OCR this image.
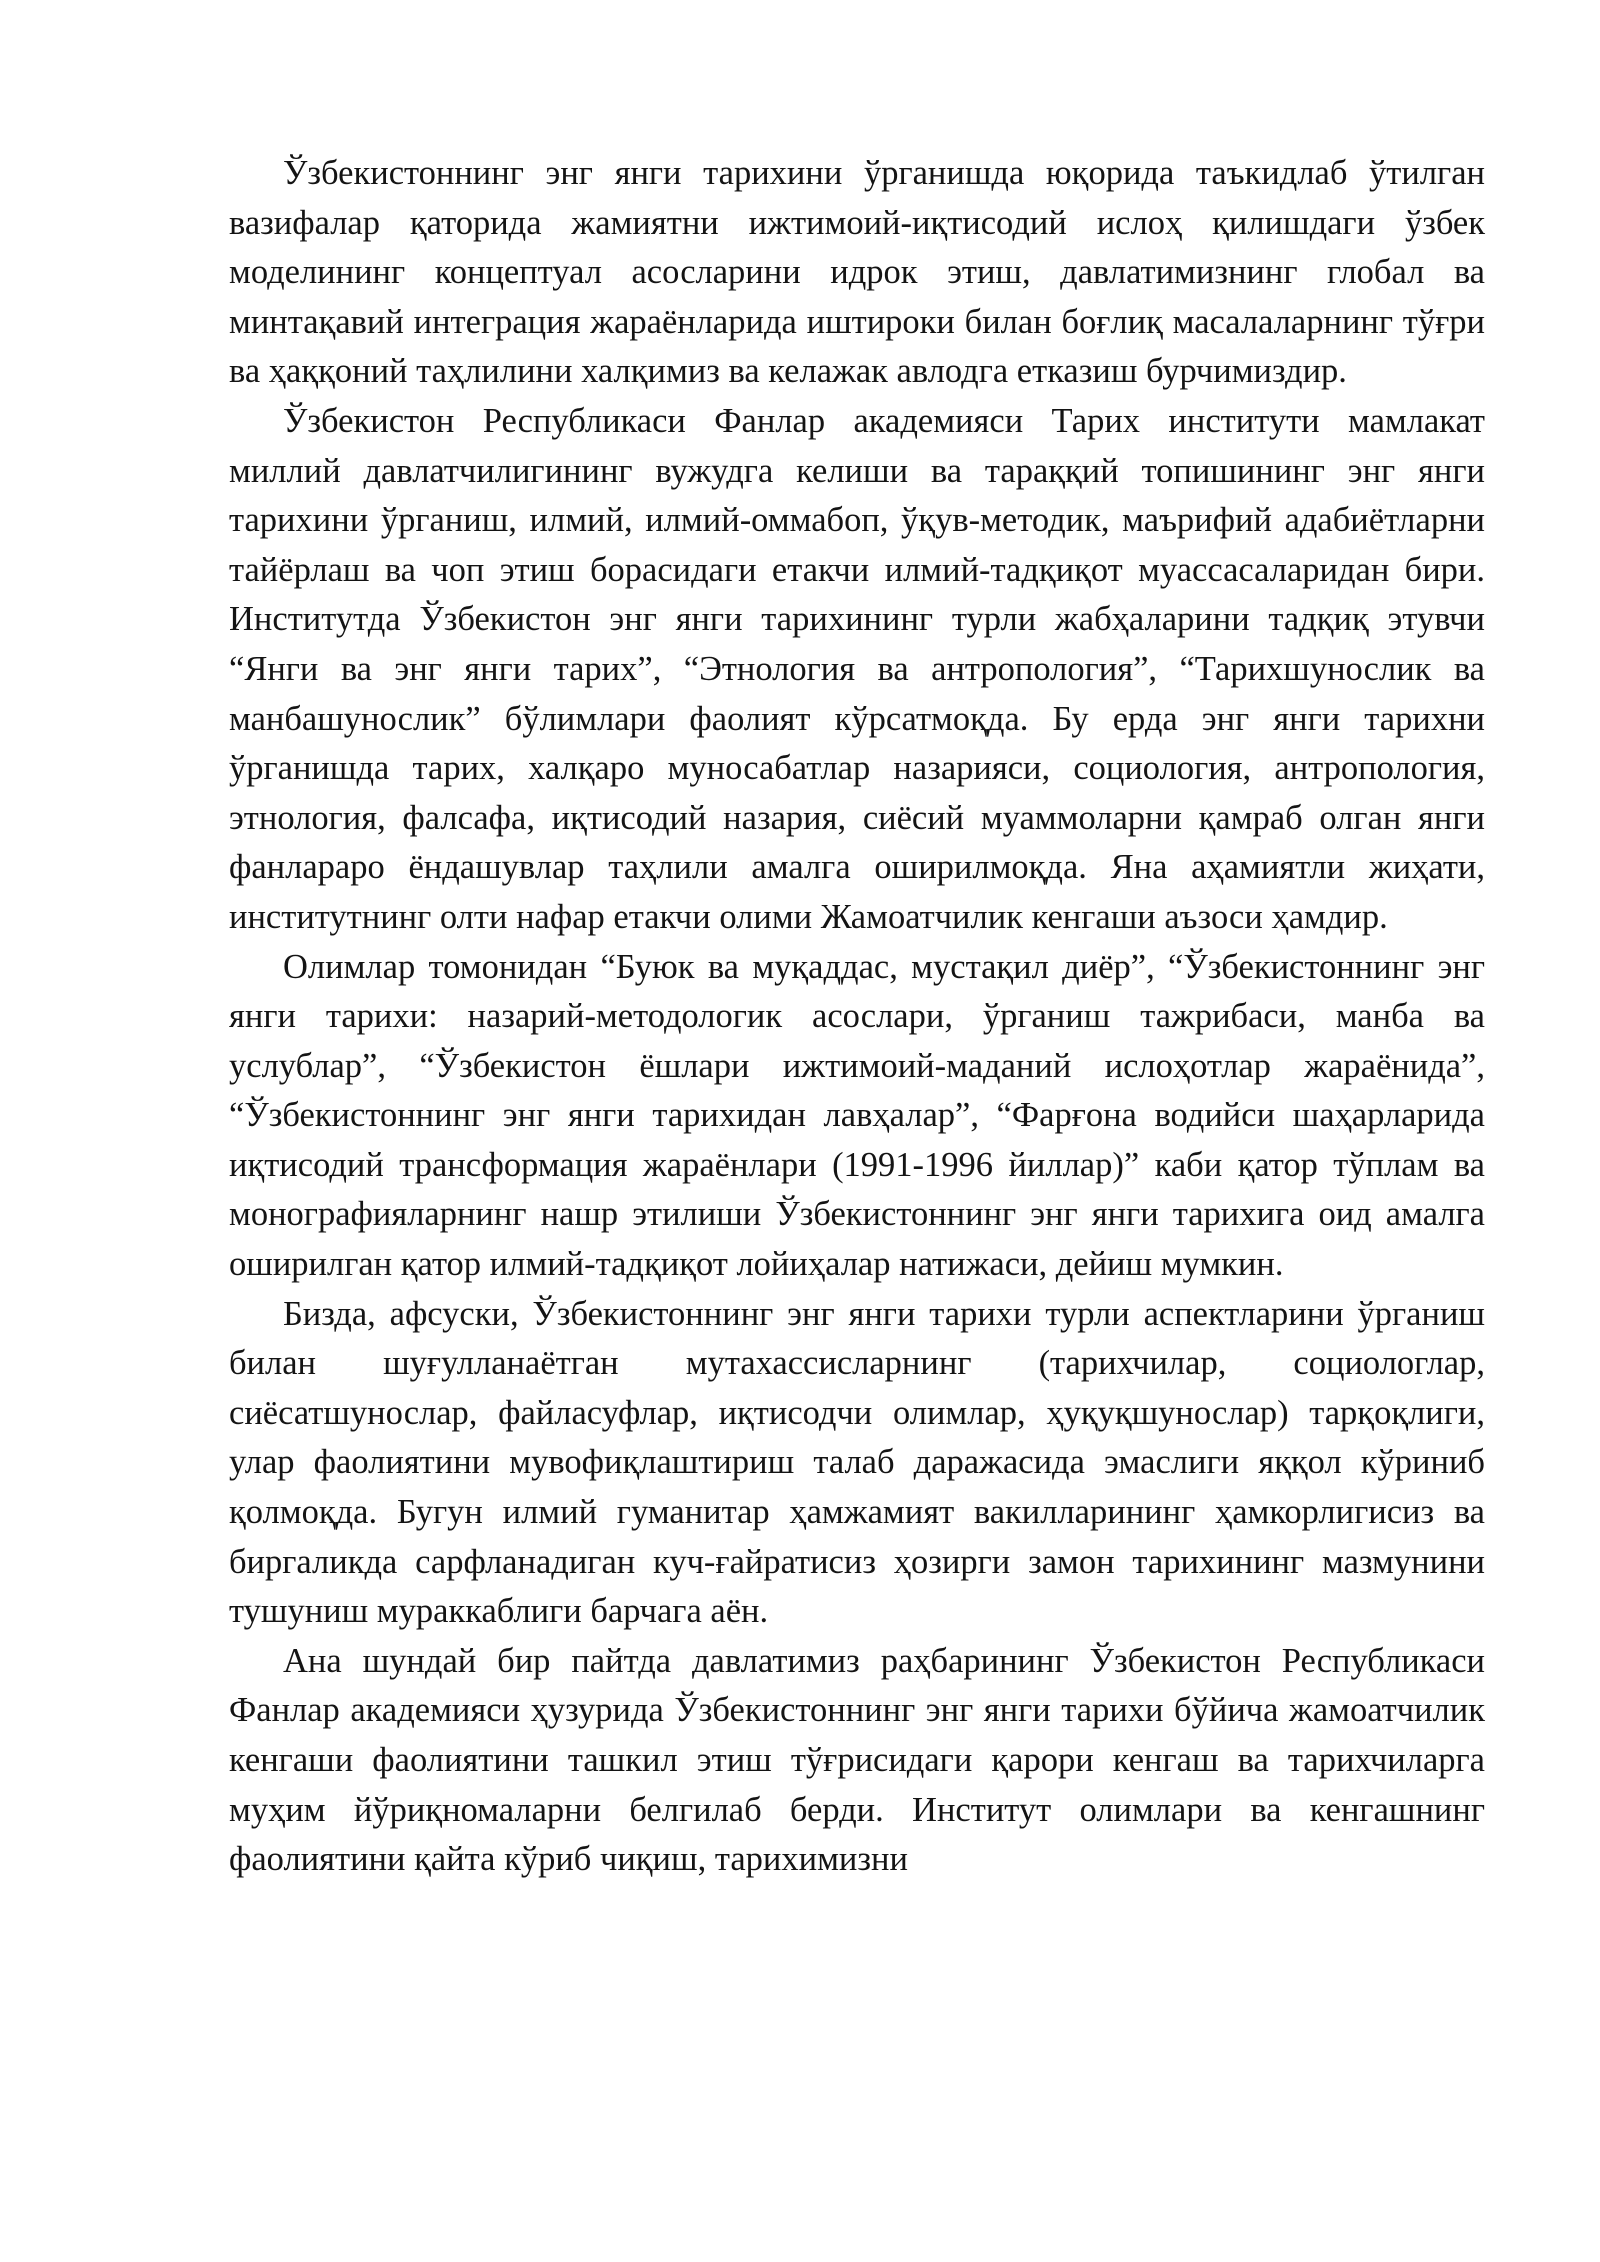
Ўзбекистоннинг энг янги тарихини ўрганишда юқорида таъкидлаб ўтилган вазифалар қаторида жамиятни ижтимоий-иқтисодий ислоҳ қилишдаги ўзбек моделининг концептуал асосларини идрок этиш, давлатимизнинг глобал ва минтақавий интеграция жараёнларида иштироки билан боғлиқ масалаларнинг тўғри ва ҳаққоний таҳлилини халқимиз ва келажак авлодга етказиш бурчимиздир.

Ўзбекистон Республикаси Фанлар академияси Тарих институти мамлакат миллий давлатчилигининг вужудга келиши ва тараққий топишининг энг янги тарихини ўрганиш, илмий, илмий-оммабоп, ўқув-методик, маърифий адабиётларни тайёрлаш ва чоп этиш борасидаги етакчи илмий-тадқиқот муассасаларидан бири. Институтда Ўзбекистон энг янги тарихининг турли жабҳаларини тадқиқ этувчи “Янги ва энг янги тарих”, “Этнология ва антропология”, “Тарихшунослик ва манбашунослик” бўлимлари фаолият кўрсатмоқда. Бу ерда энг янги тарихни ўрганишда тарих, халқаро муносабатлар назарияси, социология, антропология, этнология, фалсафа, иқтисодий назария, сиёсий муаммоларни қамраб олган янги фанлараро ёндашувлар таҳлили амалга оширилмоқда. Яна аҳамиятли жиҳати, институтнинг олти нафар етакчи олими Жамоатчилик кенгаши аъзоси ҳамдир.

Олимлар томонидан “Буюк ва муқаддас, мустақил диёр”, “Ўзбекистоннинг энг янги тарихи: назарий-методологик асослари, ўрганиш тажрибаси, манба ва услублар”, “Ўзбекистон ёшлари ижтимоий-маданий ислоҳотлар жараёнида”, “Ўзбекистоннинг энг янги тарихидан лавҳалар”, “Фарғона водийси шаҳарларида иқтисодий трансформация жараёнлари (1991-1996 йиллар)” каби қатор тўплам ва монографияларнинг нашр этилиши Ўзбекистоннинг энг янги тарихига оид амалга оширилган қатор илмий-тадқиқот лойиҳалар натижаси, дейиш мумкин.

Бизда, афсуски, Ўзбекистоннинг энг янги тарихи турли аспектларини ўрганиш билан шуғулланаётган мутахассисларнинг (тарихчилар, социологлар, сиёсатшунослар, файласуфлар, иқтисодчи олимлар, ҳуқуқшунослар) тарқоқлиги, улар фаолиятини мувофиқлаштириш талаб даражасида эмаслиги яққол кўриниб қолмоқда. Бугун илмий гуманитар ҳамжамият вакилларининг ҳамкорлигисиз ва биргаликда сарфланадиган куч-ғайратисиз ҳозирги замон тарихининг мазмунини тушуниш мураккаблиги барчага аён.

Ана шундай бир пайтда давлатимиз раҳбарининг Ўзбекистон Республикаси Фанлар академияси ҳузурида Ўзбекистоннинг энг янги тарихи бўйича жамоатчилик кенгаши фаолиятини ташкил этиш тўғрисидаги қарори кенгаш ва тарихчиларга муҳим йўриқномаларни белгилаб берди. Институт олимлари ва кенгашнинг фаолиятини қайта кўриб чиқиш, тарихимизни
